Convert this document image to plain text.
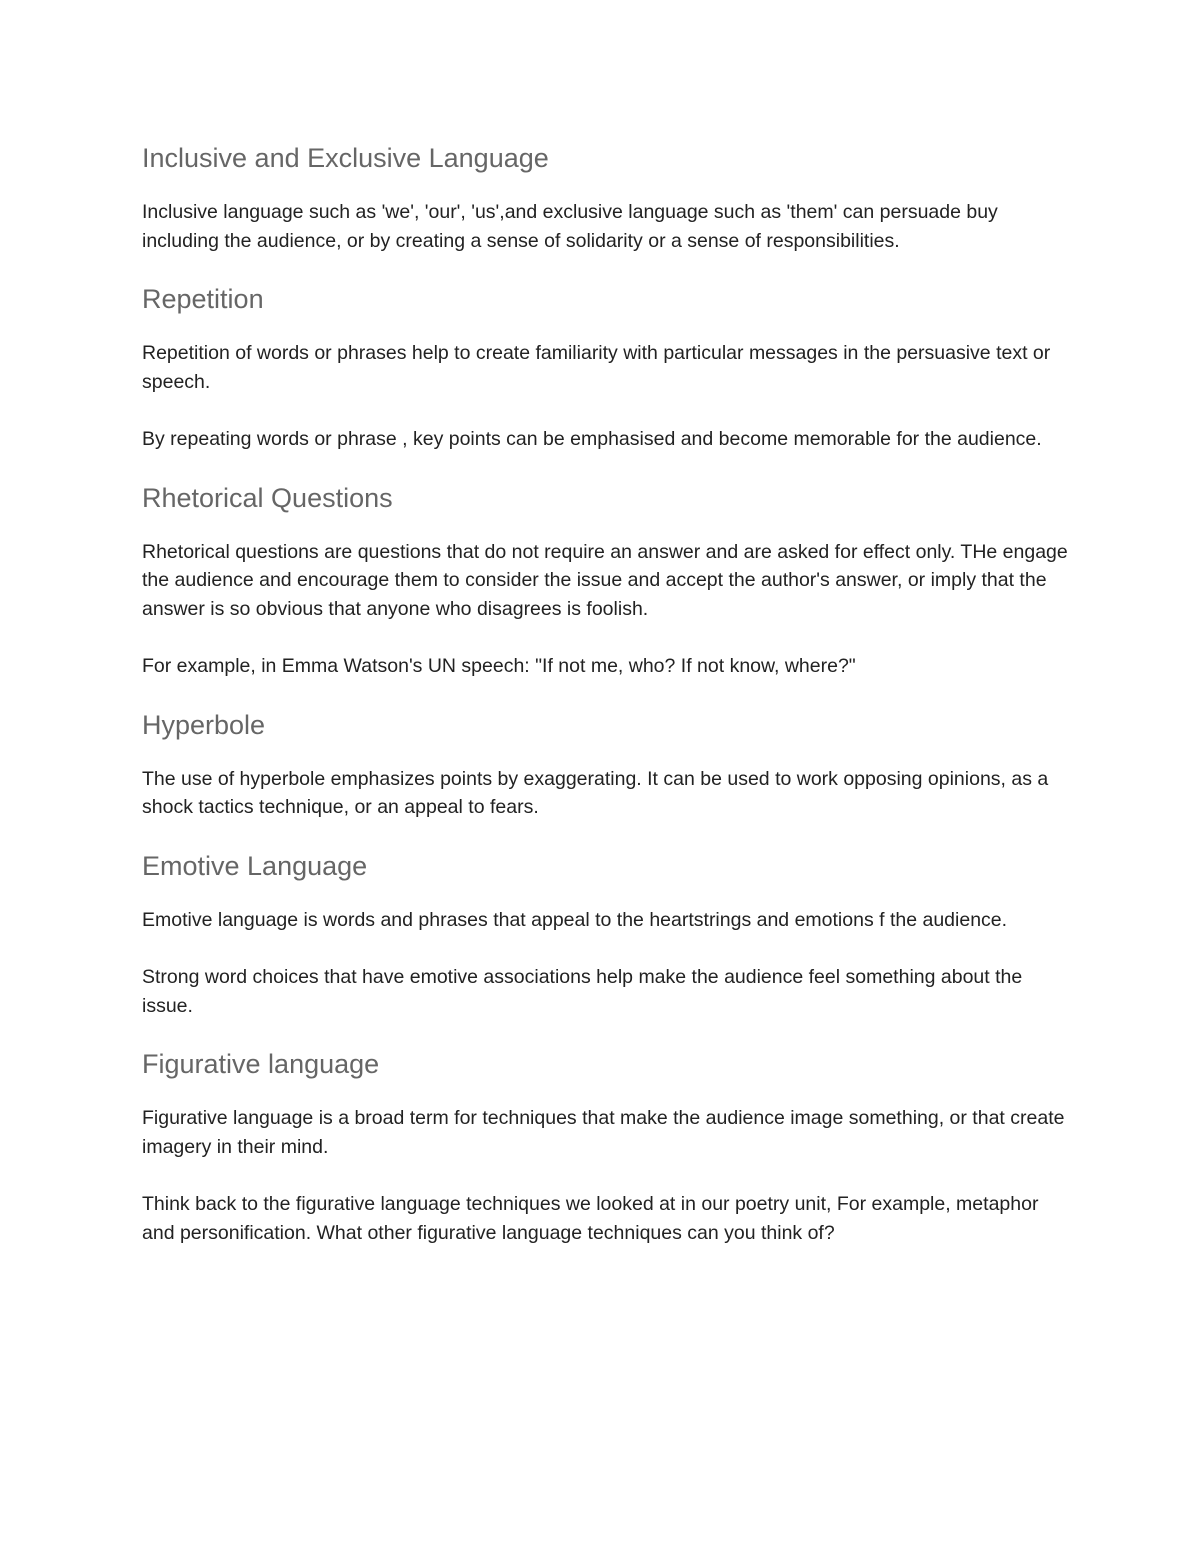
Inclusive and Exclusive Language

Inclusive language such as 'we', 'our', 'us',and exclusive language such as 'them' can persuade buy including the audience, or by creating a sense of solidarity or a sense of responsibilities.

Repetition

Repetition of words or phrases help to create familiarity with particular messages in the persuasive text or speech.

By repeating words or phrase , key points can be emphasised and become memorable for the audience.

Rhetorical Questions

Rhetorical questions are questions that do not require an answer and are asked for effect only. THe engage the audience and encourage them to consider the issue and accept the author's answer, or imply that the answer is so obvious that anyone who disagrees is foolish.

For example, in Emma Watson's UN speech: "If not me, who? If not know, where?"

Hyperbole

The use of hyperbole emphasizes points by exaggerating. It can be used to work opposing opinions, as a shock tactics technique, or an appeal to fears.

Emotive Language

Emotive language is words and phrases that appeal to the heartstrings and emotions f the audience.

Strong word choices that have emotive associations help make the audience feel something about the issue.

Figurative language

Figurative language is a broad term for techniques that make the audience image something, or that create imagery in their mind.

Think back to the figurative language techniques we looked at in our poetry unit, For example, metaphor and personification. What other figurative language techniques can you think of?
